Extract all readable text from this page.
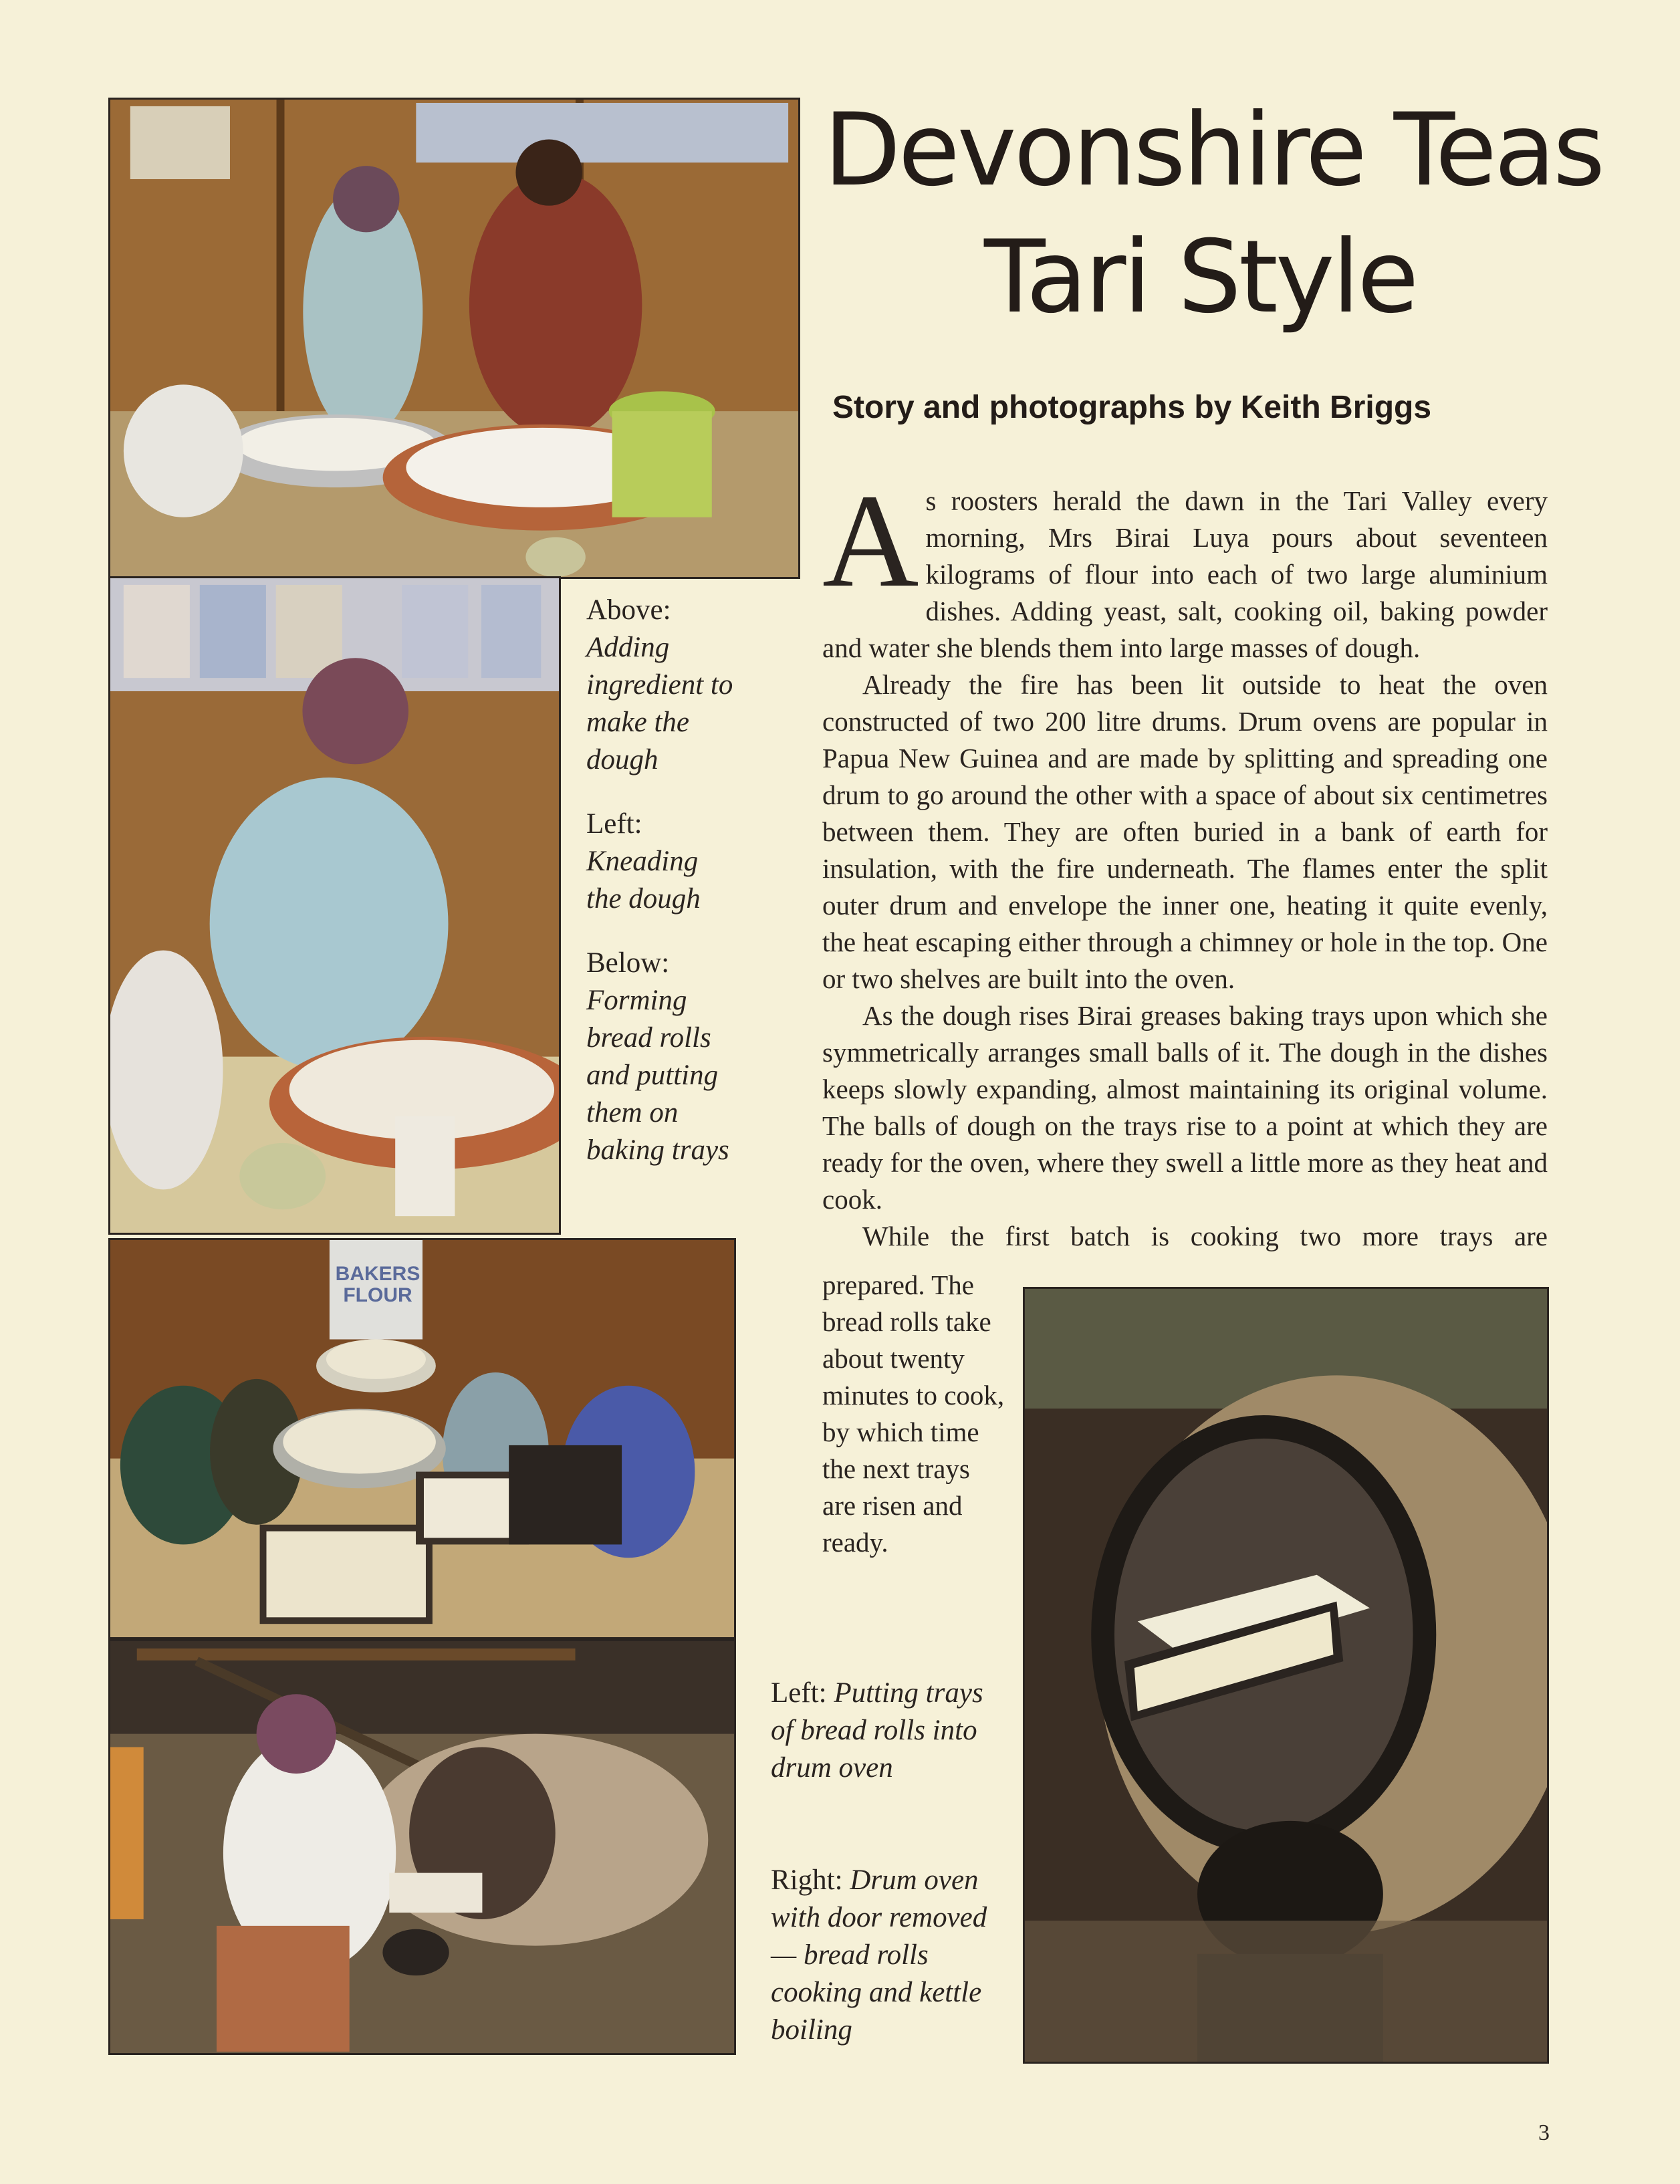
BAKERS FLOUR
Devonshire Teas
Tari Style
Story and photographs by Keith Briggs

As roosters herald the dawn in the Tari Valley every morning, Mrs Birai Luya pours about seventeen kilograms of flour into each of two large aluminium dishes. Adding yeast, salt, cooking oil, baking powder and water she blends them into large masses of dough.

Already the fire has been lit outside to heat the oven constructed of two 200 litre drums. Drum ovens are popular in Papua New Guinea and are made by splitting and spreading one drum to go around the other with a space of about six centimetres between them. They are often buried in a bank of earth for insulation, with the fire underneath. The flames enter the split outer drum and envelope the inner one, heating it quite evenly, the heat escaping either through a chimney or hole in the top. One or two shelves are built into the oven.

As the dough rises Birai greases baking trays upon which she symmetrically arranges small balls of it. The dough in the dishes keeps slowly expanding, almost maintaining its original volume. The balls of dough on the trays rise to a point at which they are ready for the oven, where they swell a little more as they heat and cook.

While the first batch is cooking two more trays are

prepared. The bread rolls take about twenty minutes to cook, by which time the next trays are risen and ready.

Above:
Adding ingredient to make the dough
Left:
Kneading the dough
Below:
Forming bread rolls and putting them on baking trays
Left: Putting trays of bread rolls into drum oven
Right: Drum oven with door removed — bread rolls cooking and kettle boiling
3
